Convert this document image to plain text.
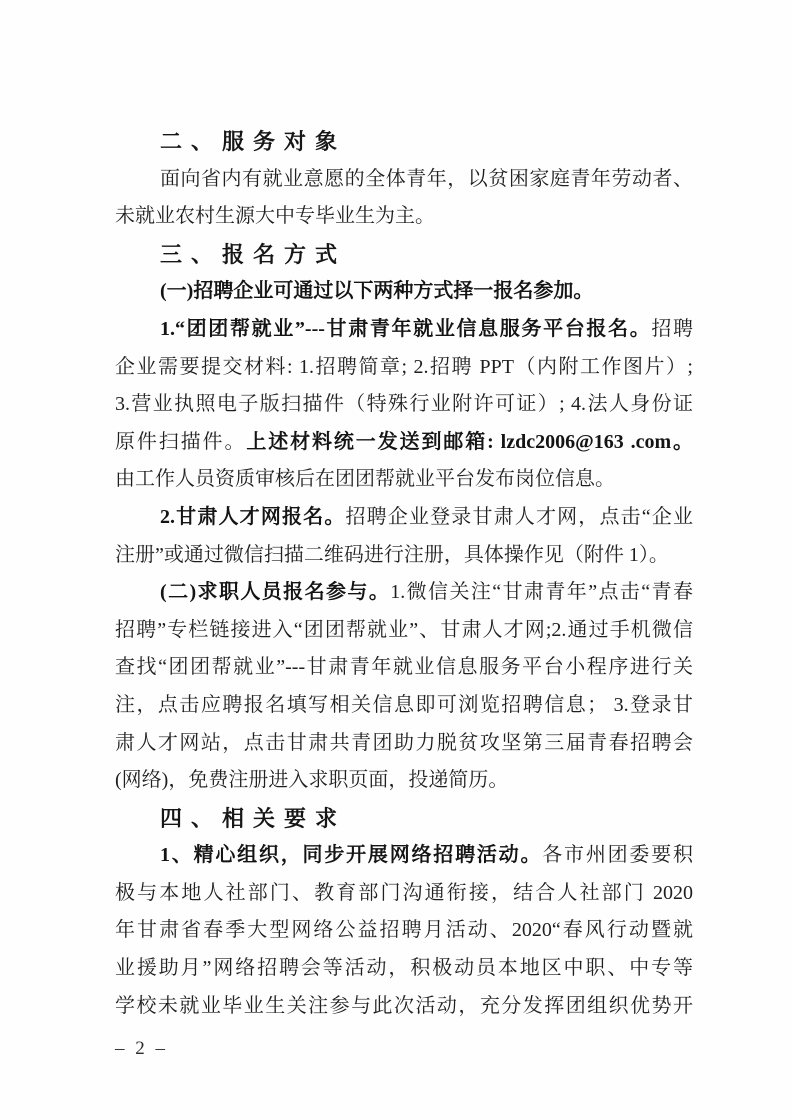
二、服务对象

面向省内有就业意愿的全体青年，以贫困家庭青年劳动者、

未就业农村生源大中专毕业生为主。

三、报名方式

(一)招聘企业可通过以下两种方式择一报名参加。

1.“团团帮就业”---甘肃青年就业信息服务平台报名。招聘

企业需要提交材料: 1.招聘简章; 2.招聘 PPT（内附工作图片）;

3.营业执照电子版扫描件（特殊行业附许可证）; 4.法人身份证

原件扫描件。上述材料统一发送到邮箱: lzdc2006@163 .com。

由工作人员资质审核后在团团帮就业平台发布岗位信息。

2.甘肃人才网报名。招聘企业登录甘肃人才网，点击“企业

注册”或通过微信扫描二维码进行注册，具体操作见（附件 1）。

(二)求职人员报名参与。1.微信关注“甘肃青年”点击“青春

招聘”专栏链接进入“团团帮就业”、甘肃人才网;2.通过手机微信

查找“团团帮就业”---甘肃青年就业信息服务平台小程序进行关

注，点击应聘报名填写相关信息即可浏览招聘信息； 3.登录甘

肃人才网站，点击甘肃共青团助力脱贫攻坚第三届青春招聘会

(网络)，免费注册进入求职页面，投递简历。

四、相关要求

1、精心组织，同步开展网络招聘活动。各市州团委要积

极与本地人社部门、教育部门沟通衔接，结合人社部门 2020

年甘肃省春季大型网络公益招聘月活动、2020“春风行动暨就

业援助月”网络招聘会等活动，积极动员本地区中职、中专等

学校未就业毕业生关注参与此次活动，充分发挥团组织优势开

– 2 –
